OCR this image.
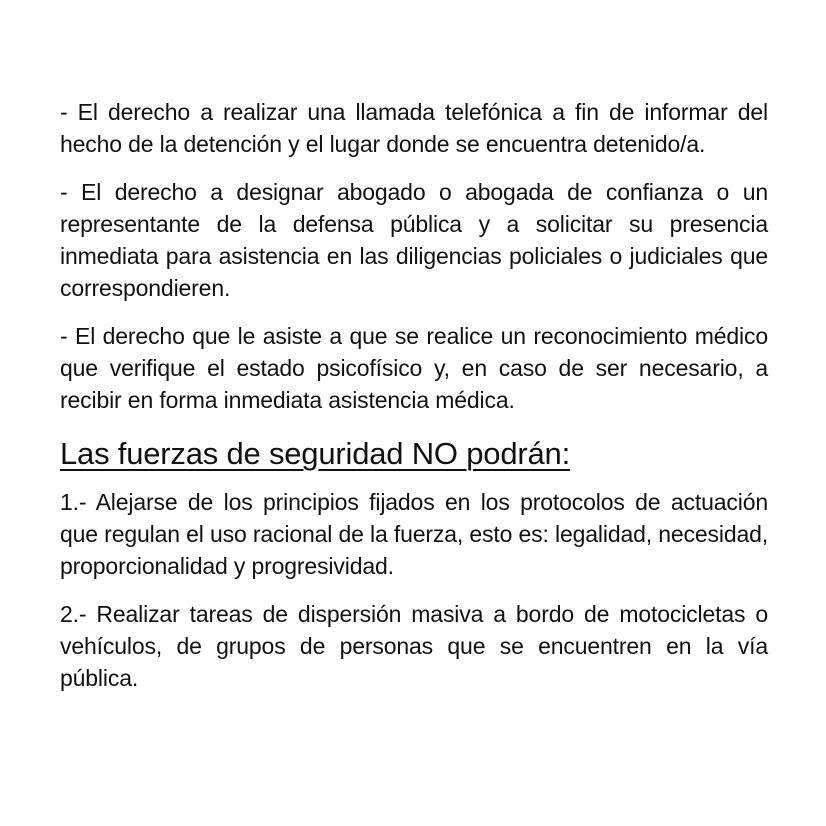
- El derecho a realizar una llamada telefónica a fin de informar del hecho de la detención y el lugar donde se encuentra detenido/a.

- El derecho a designar abogado o abogada de confianza o un representante de la defensa pública y a solicitar su presencia inmediata para asistencia en las diligencias policiales o judiciales que correspondieren.

- El derecho que le asiste a que se realice un reconocimiento médico que verifique el estado psicofísico y, en caso de ser necesario, a recibir en forma inmediata asistencia médica.

Las fuerzas de seguridad NO podrán:

1.- Alejarse de los principios fijados en los protocolos de actuación que regulan el uso racional de la fuerza, esto es: legalidad, necesidad, proporcionalidad y progresividad.

2.- Realizar tareas de dispersión masiva a bordo de motocicletas o vehículos, de grupos de personas que se encuentren en la vía pública.
